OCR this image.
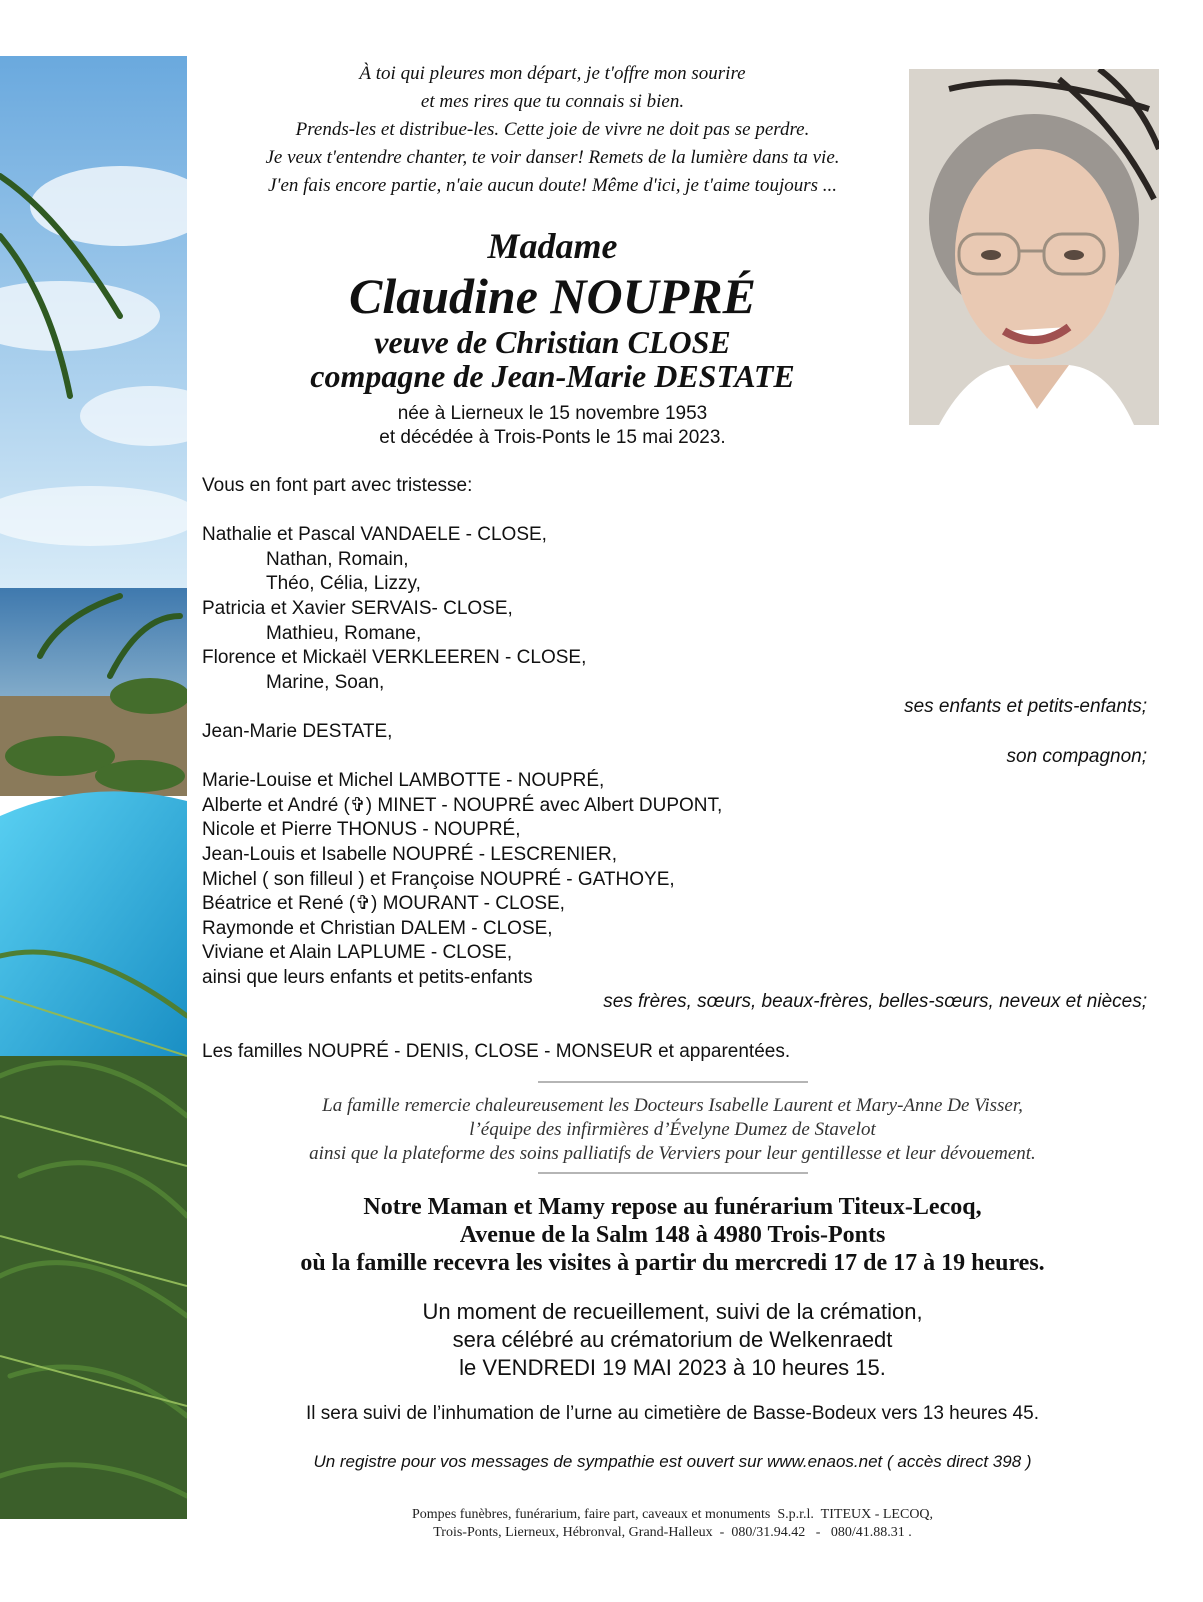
À toi qui pleures mon départ, je t'offre mon sourire
et mes rires que tu connais si bien.
Prends-les et distribue-les. Cette joie de vivre ne doit pas se perdre.
Je veux t'entendre chanter, te voir danser! Remets de la lumière dans ta vie.
J'en fais encore partie, n'aie aucun doute! Même d'ici, je t'aime toujours ...
Madame
Claudine NOUPRÉ
veuve de Christian CLOSE
compagne de Jean-Marie DESTATE
née à Lierneux le 15 novembre 1953
et décédée à Trois-Ponts le 15 mai 2023.
Vous en font part avec tristesse:
Nathalie et Pascal VANDAELE - CLOSE,
Nathan, Romain,
Théo, Célia, Lizzy,
Patricia et Xavier SERVAIS- CLOSE,
Mathieu, Romane,
Florence et Mickaël VERKLEEREN - CLOSE,
Marine, Soan,
ses enfants et petits-enfants;
Jean-Marie DESTATE,
son compagnon;
Marie-Louise et Michel LAMBOTTE - NOUPRÉ,
Alberte et André (✞) MINET - NOUPRÉ avec Albert DUPONT,
Nicole et Pierre THONUS - NOUPRÉ,
Jean-Louis et Isabelle NOUPRÉ - LESCRENIER,
Michel ( son filleul ) et Françoise NOUPRÉ - GATHOYE,
Béatrice et René (✞) MOURANT - CLOSE,
Raymonde et Christian DALEM - CLOSE,
Viviane et Alain LAPLUME - CLOSE,
ainsi que leurs enfants et petits-enfants
ses frères, sœurs, beaux-frères, belles-sœurs, neveux et nièces;
Les familles NOUPRÉ - DENIS, CLOSE - MONSEUR et apparentées.
La famille remercie chaleureusement les Docteurs Isabelle Laurent et Mary-Anne De Visser,
l’équipe des infirmières d’Évelyne Dumez de Stavelot
ainsi que la plateforme des soins palliatifs de Verviers pour leur gentillesse et leur dévouement.
Notre Maman et Mamy repose au funérarium Titeux-Lecoq,
Avenue de la Salm 148 à 4980 Trois-Ponts
où la famille recevra les visites à partir du mercredi 17 de 17 à 19 heures.
Un moment de recueillement, suivi de la crémation,
sera célébré au crématorium de Welkenraedt
le VENDREDI 19 MAI 2023 à 10 heures 15.
Il sera suivi de l’inhumation de l’urne au cimetière de Basse-Bodeux vers 13 heures 45.
Un registre pour vos messages de sympathie est ouvert sur www.enaos.net ( accès direct 398 )
Pompes funèbres, funérarium, faire part, caveaux et monuments  S.p.r.l.  TITEUX - LECOQ,
Trois-Ponts, Lierneux, Hébronval, Grand-Halleux  -  080/31.94.42   -   080/41.88.31 .
